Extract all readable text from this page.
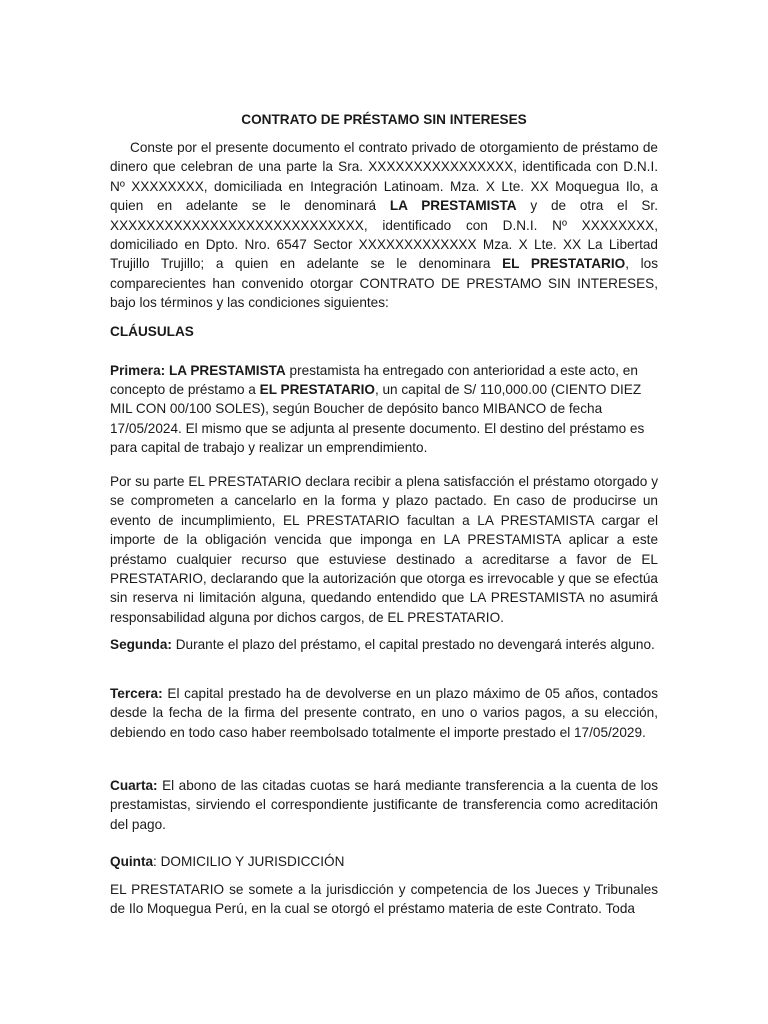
CONTRATO DE PRÉSTAMO SIN INTERESES

Conste por el presente documento el contrato privado de otorgamiento de préstamo de dinero que celebran de una parte la Sra. XXXXXXXXXXXXXXXX, identificada con D.N.I. Nº XXXXXXXX, domiciliada en Integración Latinoam. Mza. X Lte. XX Moquegua Ilo, a quien en adelante se le denominará LA PRESTAMISTA y de otra el Sr. XXXXXXXXXXXXXXXXXXXXXXXXXXXX, identificado con D.N.I. Nº XXXXXXXX, domiciliado en Dpto. Nro. 6547 Sector XXXXXXXXXXXXX Mza. X Lte. XX La Libertad Trujillo Trujillo; a quien en adelante se le denominara EL PRESTATARIO, los comparecientes han convenido otorgar CONTRATO DE PRESTAMO SIN INTERESES, bajo los términos y las condiciones siguientes:

CLÁUSULAS

Primera: LA PRESTAMISTA prestamista ha entregado con anterioridad a este acto, en concepto de préstamo a EL PRESTATARIO, un capital de S/ 110,000.00 (CIENTO DIEZ MIL CON 00/100 SOLES), según Boucher de depósito banco MIBANCO de fecha 17/05/2024. El mismo que se adjunta al presente documento. El destino del préstamo es para capital de trabajo y realizar un emprendimiento.

Por su parte EL PRESTATARIO declara recibir a plena satisfacción el préstamo otorgado y se comprometen a cancelarlo en la forma y plazo pactado. En caso de producirse un evento de incumplimiento, EL PRESTATARIO facultan a LA PRESTAMISTA cargar el importe de la obligación vencida que imponga en LA PRESTAMISTA aplicar a este préstamo cualquier recurso que estuviese destinado a acreditarse a favor de EL PRESTATARIO, declarando que la autorización que otorga es irrevocable y que se efectúa sin reserva ni limitación alguna, quedando entendido que LA PRESTAMISTA no asumirá responsabilidad alguna por dichos cargos, de EL PRESTATARIO.

Segunda: Durante el plazo del préstamo, el capital prestado no devengará interés alguno.

Tercera: El capital prestado ha de devolverse en un plazo máximo de 05 años, contados desde la fecha de la firma del presente contrato, en uno o varios pagos, a su elección, debiendo en todo caso haber reembolsado totalmente el importe prestado el 17/05/2029.

Cuarta: El abono de las citadas cuotas se hará mediante transferencia a la cuenta de los prestamistas, sirviendo el correspondiente justificante de transferencia como acreditación del pago.

Quinta: DOMICILIO Y JURISDICCIÓN

EL PRESTATARIO se somete a la jurisdicción y competencia de los Jueces y Tribunales de Ilo Moquegua Perú, en la cual se otorgó el préstamo materia de este Contrato. Toda
